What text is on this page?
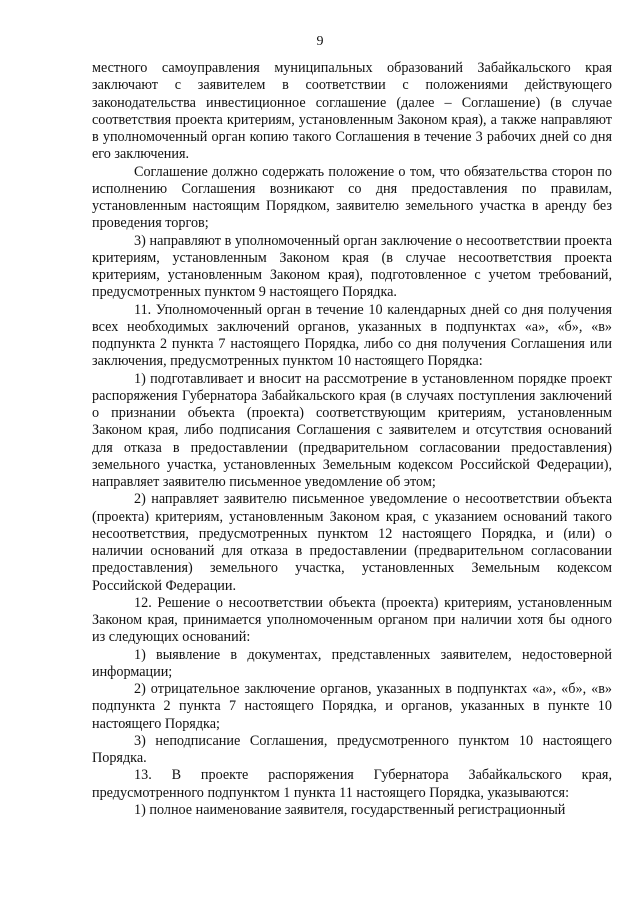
9

местного самоуправления муниципальных образований Забайкальского края заключают с заявителем в соответствии с положениями действующего законодательства инвестиционное соглашение (далее – Соглашение) (в случае соответствия проекта критериям, установленным Законом края), а также направляют в уполномоченный орган копию такого Соглашения в течение 3 рабочих дней со дня его заключения.

Соглашение должно содержать положение о том, что обязательства сторон по исполнению Соглашения возникают со дня предоставления по правилам, установленным настоящим Порядком, заявителю земельного участка в аренду без проведения торгов;

3) направляют в уполномоченный орган заключение о несоответствии проекта критериям, установленным Законом края (в случае несоответствия проекта критериям, установленным Законом края), подготовленное с учетом требований, предусмотренных пунктом 9 настоящего Порядка.

11. Уполномоченный орган в течение 10 календарных дней со дня получения всех необходимых заключений органов, указанных в подпунктах «а», «б», «в» подпункта 2 пункта 7 настоящего Порядка, либо со дня получения Соглашения или заключения, предусмотренных пунктом 10 настоящего Порядка:

1) подготавливает и вносит на рассмотрение в установленном порядке проект распоряжения Губернатора Забайкальского края (в случаях поступления заключений о признании объекта (проекта) соответствующим критериям, установленным Законом края, либо подписания Соглашения с заявителем и отсутствия оснований для отказа в предоставлении (предварительном согласовании предоставления) земельного участка, установленных Земельным кодексом Российской Федерации), направляет заявителю письменное уведомление об этом;

2) направляет заявителю письменное уведомление о несоответствии объекта (проекта) критериям, установленным Законом края, с указанием оснований такого несоответствия, предусмотренных пунктом 12 настоящего Порядка, и (или) о наличии оснований для отказа в предоставлении (предварительном согласовании предоставления) земельного участка, установленных Земельным кодексом Российской Федерации.

12. Решение о несоответствии объекта (проекта) критериям, установленным Законом края, принимается уполномоченным органом при наличии хотя бы одного из следующих оснований:

1) выявление в документах, представленных заявителем, недостоверной информации;

2) отрицательное заключение органов, указанных в подпунктах «а», «б», «в» подпункта 2 пункта 7 настоящего Порядка, и органов, указанных в пункте 10 настоящего Порядка;

3) неподписание Соглашения, предусмотренного пунктом 10 настоящего Порядка.

13. В проекте распоряжения Губернатора Забайкальского края, предусмотренного подпунктом 1 пункта 11 настоящего Порядка, указываются:

1) полное наименование заявителя, государственный регистрационный
